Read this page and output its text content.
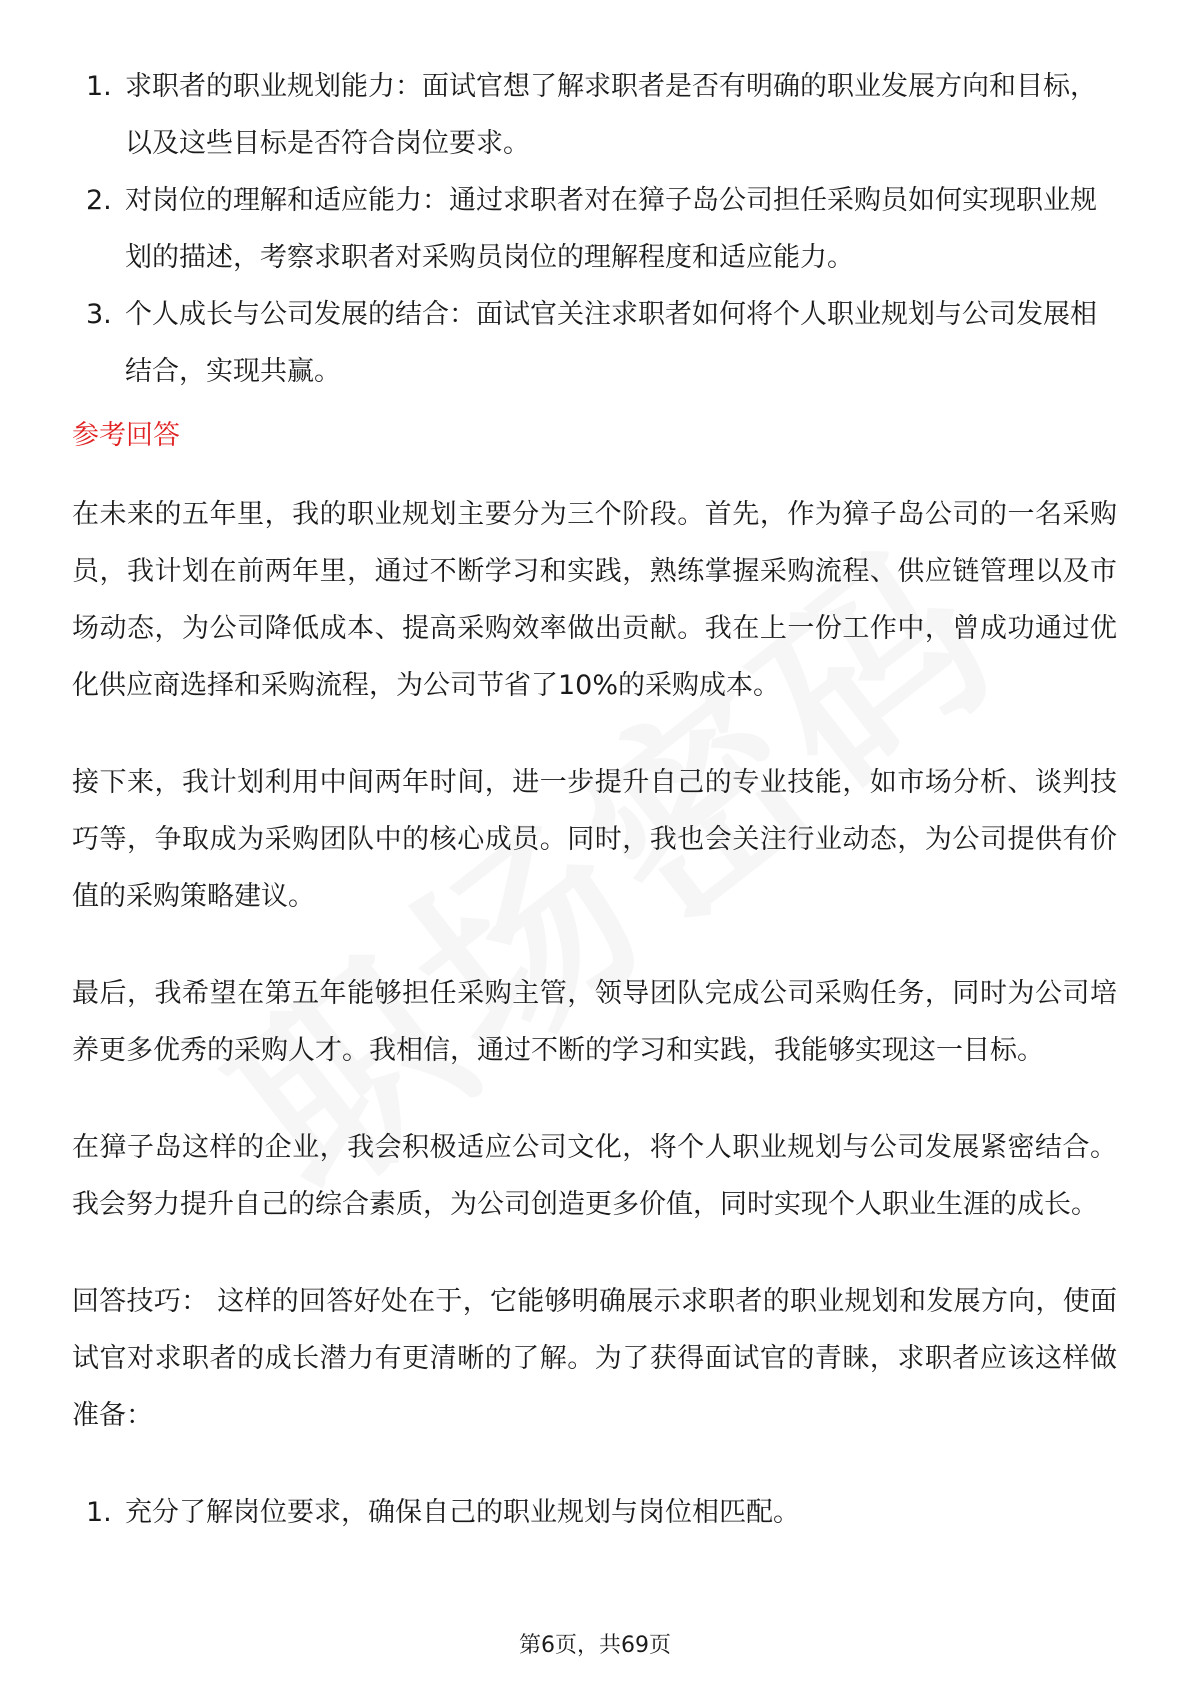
1. 求职者的职业规划能力：面试官想了解求职者是否有明确的职业发展方向和目标，以及这些目标是否符合岗位要求。
2. 对岗位的理解和适应能力：通过求职者对在獐子岛公司担任采购员如何实现职业规划的描述，考察求职者对采购员岗位的理解程度和适应能力。
3. 个人成长与公司发展的结合：面试官关注求职者如何将个人职业规划与公司发展相结合，实现共赢。
参考回答

在未来的五年里，我的职业规划主要分为三个阶段。首先，作为獐子岛公司的一名采购员，我计划在前两年里，通过不断学习和实践，熟练掌握采购流程、供应链管理以及市场动态，为公司降低成本、提高采购效率做出贡献。我在上一份工作中，曾成功通过优化供应商选择和采购流程，为公司节省了10%的采购成本。

接下来，我计划利用中间两年时间，进一步提升自己的专业技能，如市场分析、谈判技巧等，争取成为采购团队中的核心成员。同时，我也会关注行业动态，为公司提供有价值的采购策略建议。

最后，我希望在第五年能够担任采购主管，领导团队完成公司采购任务，同时为公司培养更多优秀的采购人才。我相信，通过不断的学习和实践，我能够实现这一目标。

在獐子岛这样的企业，我会积极适应公司文化，将个人职业规划与公司发展紧密结合。我会努力提升自己的综合素质，为公司创造更多价值，同时实现个人职业生涯的成长。

回答技巧： 这样的回答好处在于，它能够明确展示求职者的职业规划和发展方向，使面试官对求职者的成长潜力有更清晰的了解。为了获得面试官的青睐，求职者应该这样做准备：

1. 充分了解岗位要求，确保自己的职业规划与岗位相匹配。
第6页，共69页
